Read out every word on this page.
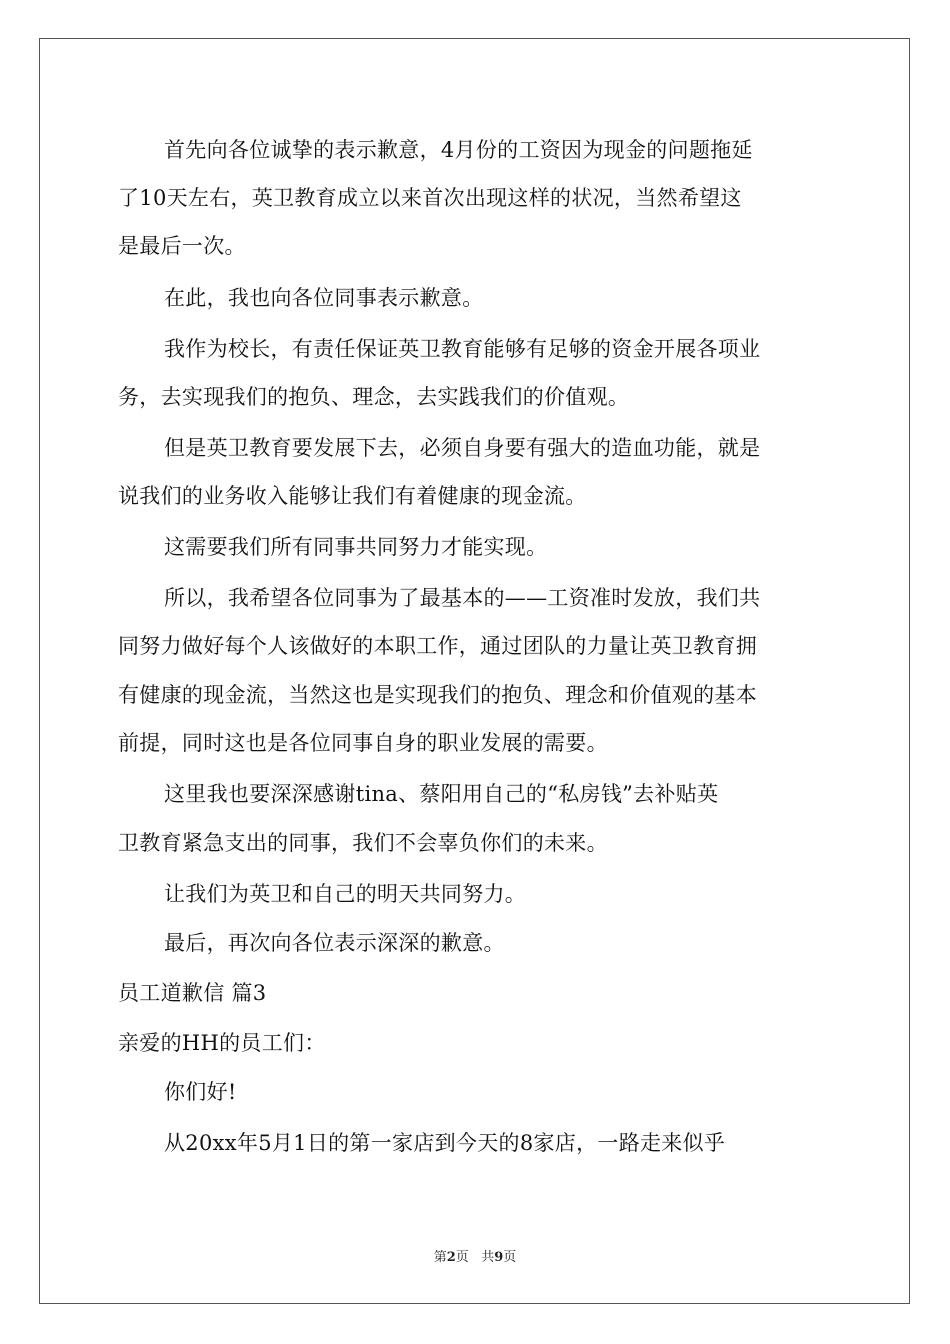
首先向各位诚挚的表示歉意，4月份的工资因为现金的问题拖延

了10天左右，英卫教育成立以来首次出现这样的状况，当然希望这

是最后一次。

在此，我也向各位同事表示歉意。

我作为校长，有责任保证英卫教育能够有足够的资金开展各项业

务，去实现我们的抱负、理念，去实践我们的价值观。

但是英卫教育要发展下去，必须自身要有强大的造血功能，就是

说我们的业务收入能够让我们有着健康的现金流。

这需要我们所有同事共同努力才能实现。

所以，我希望各位同事为了最基本的——工资准时发放，我们共

同努力做好每个人该做好的本职工作，通过团队的力量让英卫教育拥

有健康的现金流，当然这也是实现我们的抱负、理念和价值观的基本

前提，同时这也是各位同事自身的职业发展的需要。

这里我也要深深感谢tina、蔡阳用自己的“私房钱”去补贴英

卫教育紧急支出的同事，我们不会辜负你们的未来。

让我们为英卫和自己的明天共同努力。

最后，再次向各位表示深深的歉意。

员工道歉信 篇3

亲爱的HH的员工们：

你们好!

从20xx年5月1日的第一家店到今天的8家店，一路走来似乎

第2页 共9页
